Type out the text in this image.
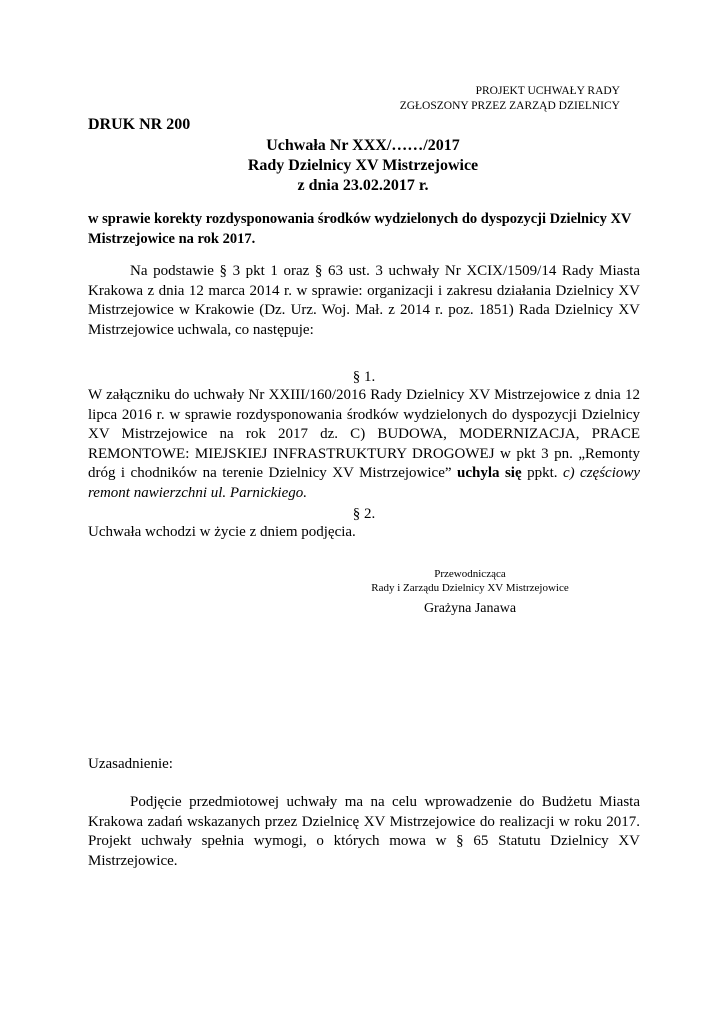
PROJEKT UCHWAŁY RADY
ZGŁOSZONY PRZEZ ZARZĄD DZIELNICY
DRUK NR 200
Uchwała Nr XXX/……/2017
Rady Dzielnicy XV Mistrzejowice
z dnia 23.02.2017 r.
w sprawie korekty rozdysponowania środków wydzielonych do dyspozycji Dzielnicy XV Mistrzejowice na rok 2017.
Na podstawie § 3 pkt 1 oraz § 63 ust. 3 uchwały Nr XCIX/1509/14 Rady Miasta Krakowa z dnia 12 marca 2014 r. w sprawie: organizacji i zakresu działania Dzielnicy XV Mistrzejowice w Krakowie (Dz. Urz. Woj. Mał. z 2014 r. poz. 1851) Rada Dzielnicy XV Mistrzejowice uchwala, co następuje:
§ 1.
W załączniku do uchwały Nr XXIII/160/2016 Rady Dzielnicy XV Mistrzejowice z dnia 12 lipca 2016 r. w sprawie rozdysponowania środków wydzielonych do dyspozycji Dzielnicy XV Mistrzejowice na rok 2017 dz. C) BUDOWA, MODERNIZACJA, PRACE REMONTOWE: MIEJSKIEJ INFRASTRUKTURY DROGOWEJ w pkt 3 pn. „Remonty dróg i chodników na terenie Dzielnicy XV Mistrzejowice” uchyla się ppkt. c) częściowy remont nawierzchni ul. Parnickiego.
§ 2.
Uchwała wchodzi w życie z dniem podjęcia.
Przewodnicząca
Rady i Zarządu Dzielnicy XV Mistrzejowice
Grażyna Janawa
Uzasadnienie:
Podjęcie przedmiotowej uchwały ma na celu wprowadzenie do Budżetu Miasta Krakowa zadań wskazanych przez Dzielnicę XV Mistrzejowice do realizacji w roku 2017. Projekt uchwały spełnia wymogi, o których mowa w § 65 Statutu Dzielnicy XV Mistrzejowice.
